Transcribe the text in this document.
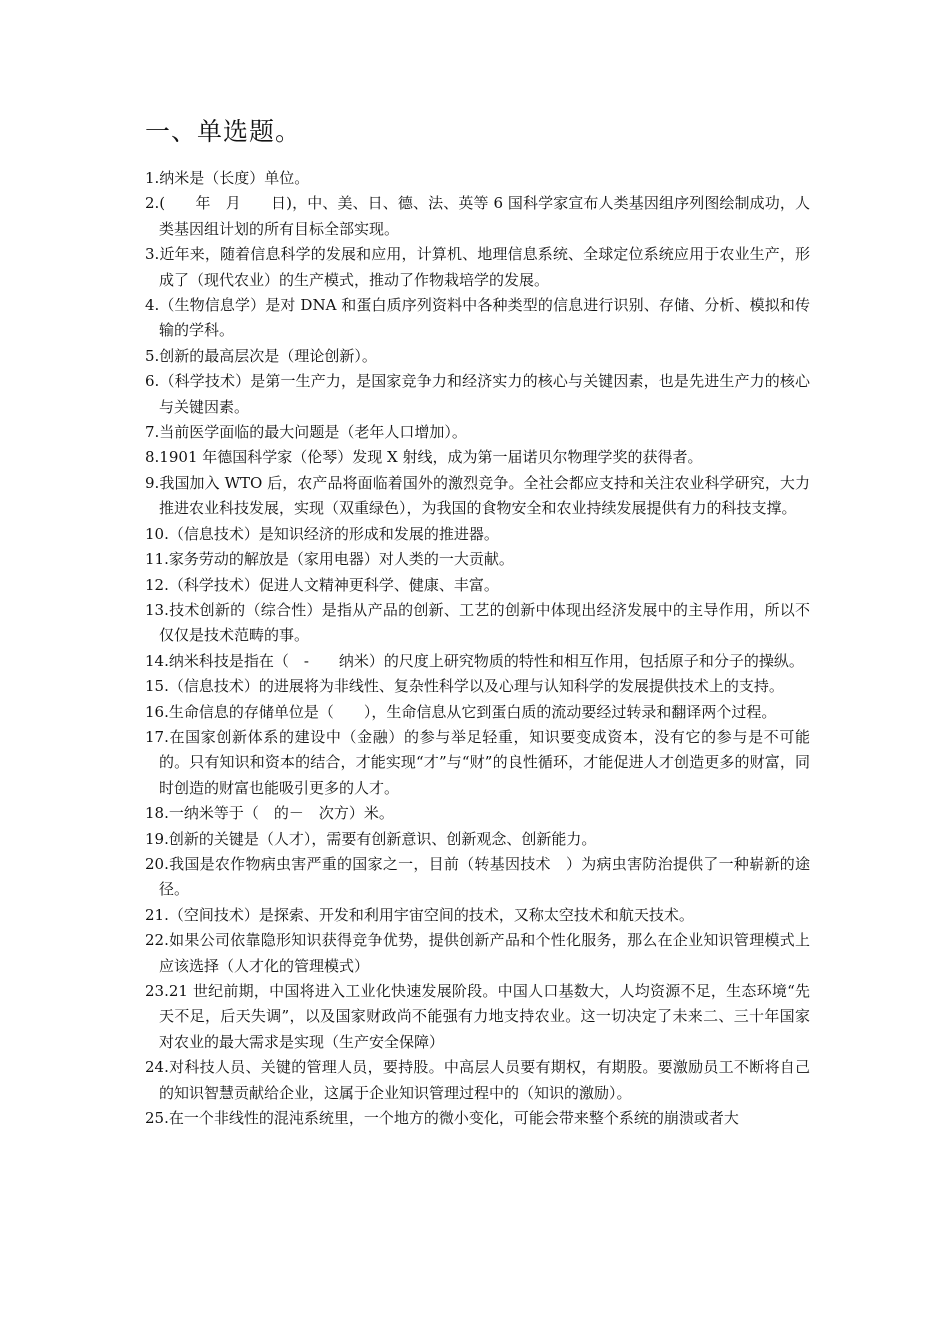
一、单选题。
1.纳米是（长度）单位。
2.(　　年　月　　日)，中、美、日、德、法、英等 6 国科学家宣布人类基因组序列图绘制成功，人类基因组计划的所有目标全部实现。
3.近年来，随着信息科学的发展和应用，计算机、地理信息系统、全球定位系统应用于农业生产，形成了（现代农业）的生产模式，推动了作物栽培学的发展。
4.（生物信息学）是对 DNA 和蛋白质序列资料中各种类型的信息进行识别、存储、分析、模拟和传输的学科。
5.创新的最高层次是（理论创新）。
6.（科学技术）是第一生产力，是国家竞争力和经济实力的核心与关键因素，也是先进生产力的核心与关键因素。
7.当前医学面临的最大问题是（老年人口增加）。
8.1901 年德国科学家（伦琴）发现 X 射线，成为第一届诺贝尔物理学奖的获得者。
9.我国加入 WTO 后，农产品将面临着国外的激烈竞争。全社会都应支持和关注农业科学研究，大力推进农业科技发展，实现（双重绿色），为我国的食物安全和农业持续发展提供有力的科技支撑。
10.（信息技术）是知识经济的形成和发展的推进器。
11.家务劳动的解放是（家用电器）对人类的一大贡献。
12.（科学技术）促进人文精神更科学、健康、丰富。
13.技术创新的（综合性）是指从产品的创新、工艺的创新中体现出经济发展中的主导作用，所以不仅仅是技术范畴的事。
14.纳米科技是指在（　-　　纳米）的尺度上研究物质的特性和相互作用，包括原子和分子的操纵。
15.（信息技术）的进展将为非线性、复杂性科学以及心理与认知科学的发展提供技术上的支持。
16.生命信息的存储单位是（　　），生命信息从它到蛋白质的流动要经过转录和翻译两个过程。
17.在国家创新体系的建设中（金融）的参与举足轻重，知识要变成资本，没有它的参与是不可能的。只有知识和资本的结合，才能实现“才”与“财”的良性循环，才能促进人才创造更多的财富，同时创造的财富也能吸引更多的人才。
18.一纳米等于（　的－　次方）米。
19.创新的关键是（人才），需要有创新意识、创新观念、创新能力。
20.我国是农作物病虫害严重的国家之一，目前（转基因技术　）为病虫害防治提供了一种崭新的途径。
21.（空间技术）是探索、开发和利用宇宙空间的技术，又称太空技术和航天技术。
22.如果公司依靠隐形知识获得竞争优势，提供创新产品和个性化服务，那么在企业知识管理模式上应该选择（人才化的管理模式）
23.21 世纪前期，中国将进入工业化快速发展阶段。中国人口基数大，人均资源不足，生态环境“先天不足，后天失调”，以及国家财政尚不能强有力地支持农业。这一切决定了未来二、三十年国家对农业的最大需求是实现（生产安全保障）
24.对科技人员、关键的管理人员，要持股。中高层人员要有期权，有期股。要激励员工不断将自己的知识智慧贡献给企业，这属于企业知识管理过程中的（知识的激励）。
25.在一个非线性的混沌系统里，一个地方的微小变化，可能会带来整个系统的崩溃或者大
